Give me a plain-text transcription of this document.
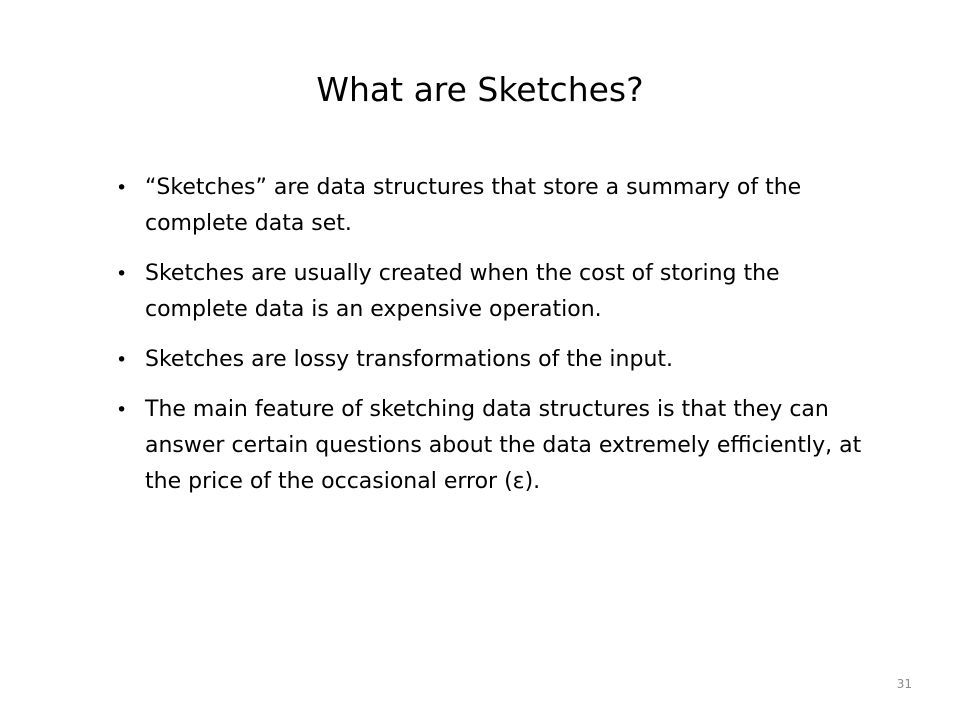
What are Sketches?
• “Sketches” are data structures that store a summary of the complete data set.
• Sketches are usually created when the cost of storing the complete data is an expensive operation.
• Sketches are lossy transformations of the input.
• The main feature of sketching data structures is that they can answer certain questions about the data extremely efficiently, at the price of the occasional error (ε).
31
